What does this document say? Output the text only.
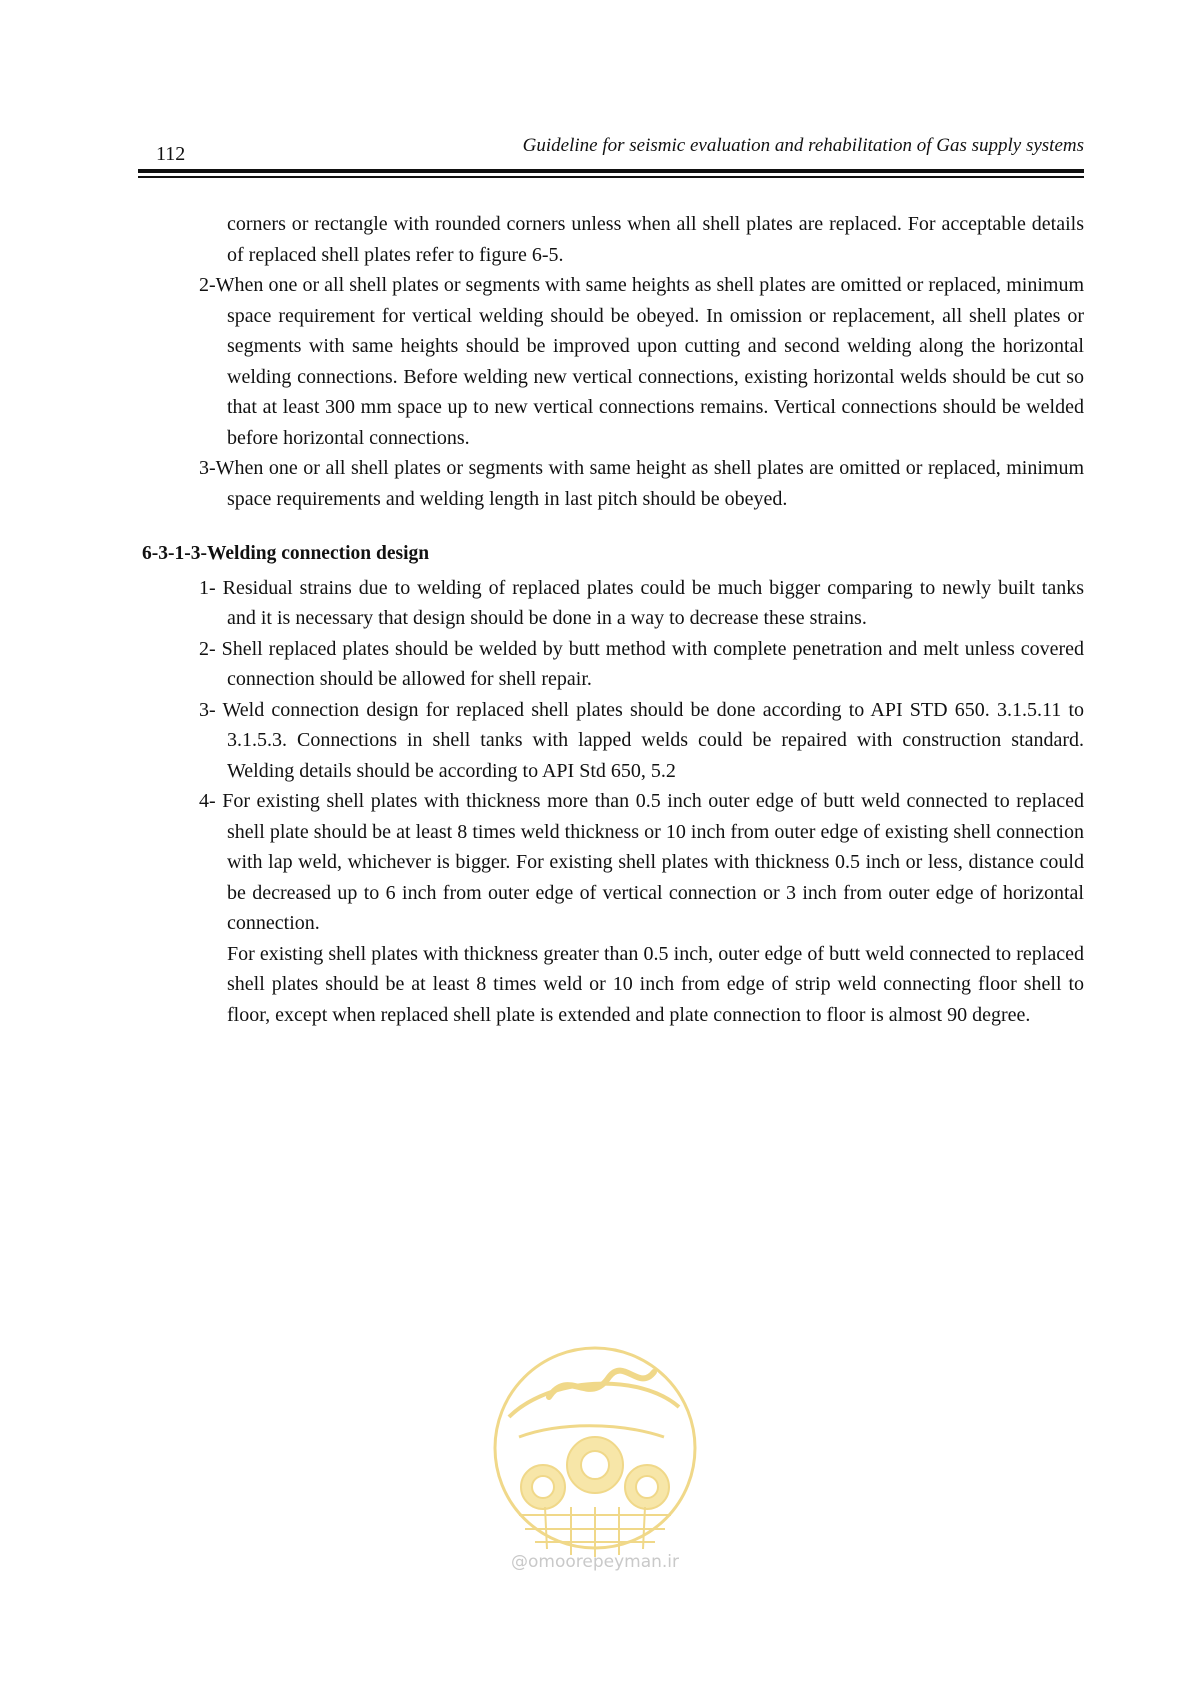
112	Guideline for seismic evaluation and rehabilitation of Gas supply systems

corners or rectangle with rounded corners unless when all shell plates are replaced. For acceptable details of replaced shell plates refer to figure 6-5.

2-When one or all shell plates or segments with same heights as shell plates are omitted or replaced, minimum space requirement for vertical welding should be obeyed. In omission or replacement, all shell plates or segments with same heights should be improved upon cutting and second welding along the horizontal welding connections. Before welding new vertical connections, existing horizontal welds should be cut so that at least 300 mm space up to new vertical connections remains. Vertical connections should be welded before horizontal connections.

3-When one or all shell plates or segments with same height as shell plates are omitted or replaced, minimum space requirements and welding length in last pitch should be obeyed.

6-3-1-3-Welding connection design

1- Residual strains due to welding of replaced plates could be much bigger comparing to newly built tanks and it is necessary that design should be done in a way to decrease these strains.

2- Shell replaced plates should be welded by butt method with complete penetration and melt unless covered connection should be allowed for shell repair.

3- Weld connection design for replaced shell plates should be done according to API STD 650. 3.1.5.11 to 3.1.5.3. Connections in shell tanks with lapped welds could be repaired with construction standard. Welding details should be according to API Std 650, 5.2

4- For existing shell plates with thickness more than 0.5 inch outer edge of butt weld connected to replaced shell plate should be at least 8 times weld thickness or 10 inch from outer edge of existing shell connection with lap weld, whichever is bigger. For existing shell plates with thickness 0.5 inch or less, distance could be decreased up to 6 inch from outer edge of vertical connection or 3 inch from outer edge of horizontal connection.

For existing shell plates with thickness greater than 0.5 inch, outer edge of butt weld connected to replaced shell plates should be at least 8 times weld or 10 inch from edge of strip weld connecting floor shell to floor, except when replaced shell plate is extended and plate connection to floor is almost 90 degree.

@omoorepeyman.ir
